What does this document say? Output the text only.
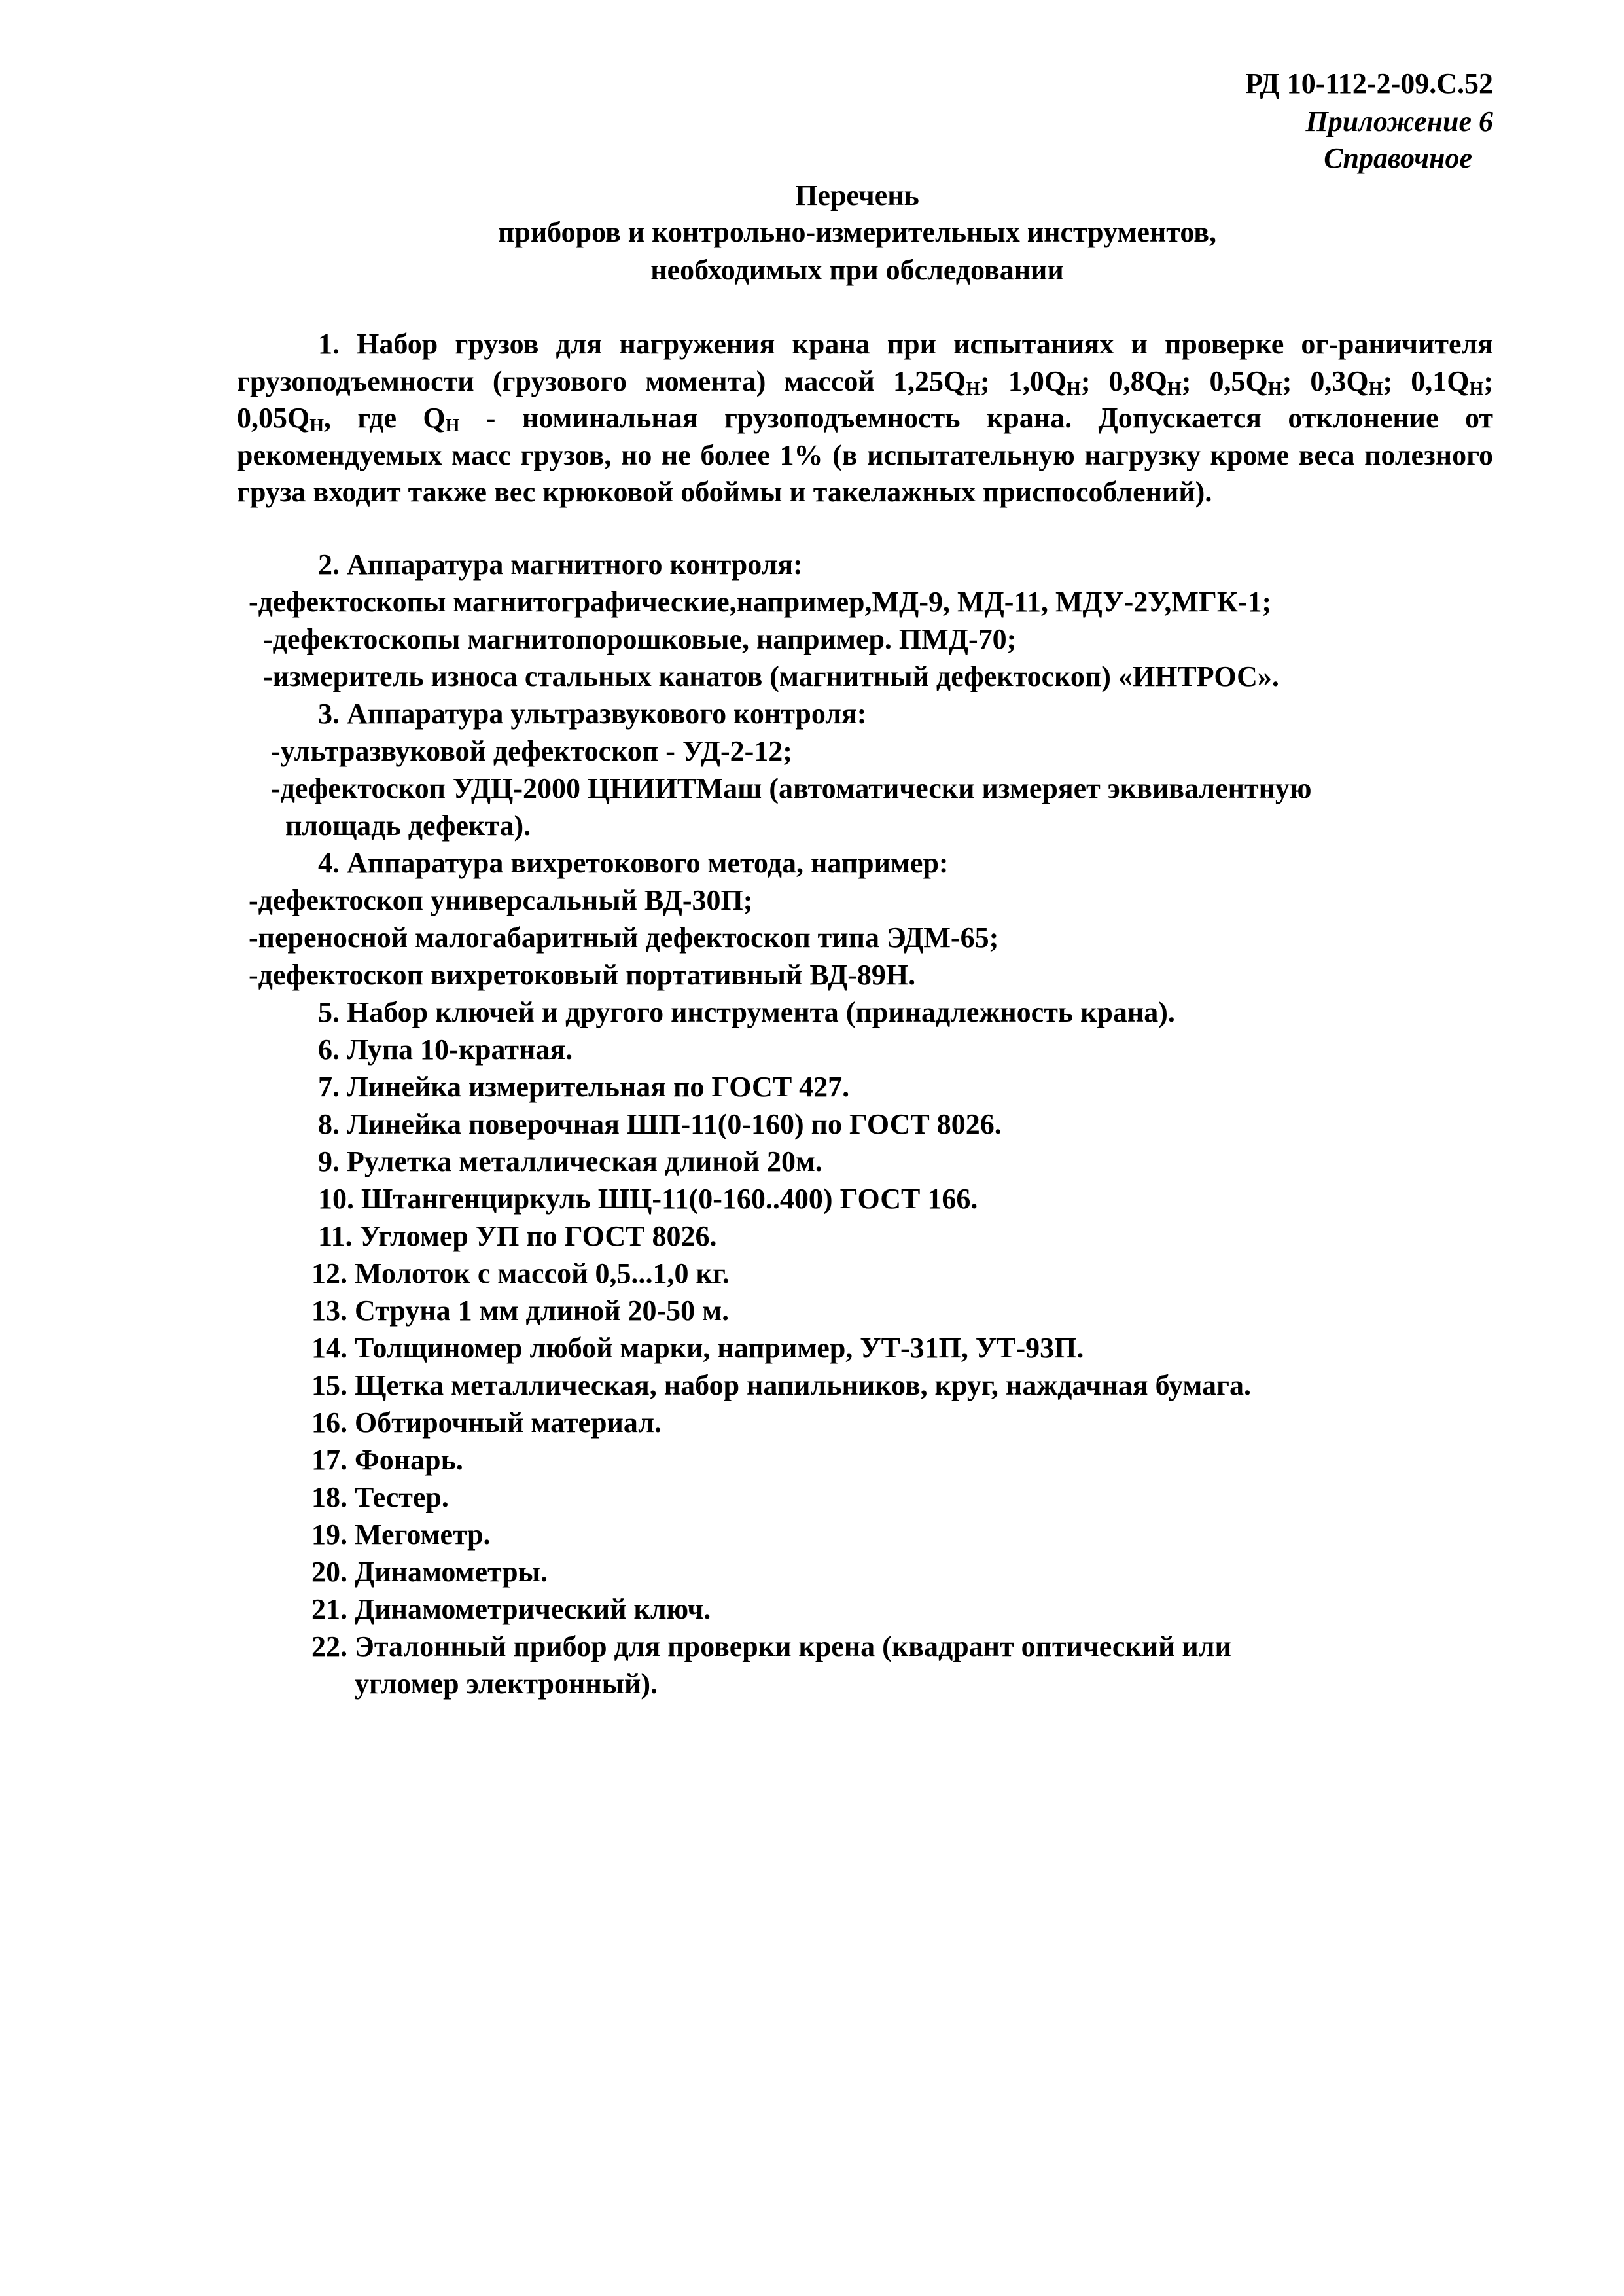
РД 10-112-2-09.С.52
Приложение 6
Справочное
Перечень
приборов и контрольно-измерительных инструментов,
необходимых при обследовании

1. Набор грузов для нагружения крана при испытаниях и проверке ог-раничителя грузоподъемности (грузового момента) массой $1,25Q_Н$; $1,0Q_Н$; $0,8Q_Н$; $0,5Q_Н$; $0,3Q_Н$; $0,1Q_Н$; $0,05Q_Н$, где $Q_Н$ - номинальная грузоподъемность крана. Допускается отклонение от рекомендуемых масс грузов, но не более 1% (в испытательную нагрузку кроме веса полезного груза входит также вес крюковой обоймы и такелажных приспособлений).

2. Аппаратура магнитного контроля:
-дефектоскопы магнитографические,например,МД-9, МД-11, МДУ-2У,МГК-1;
-дефектоскопы магнитопорошковые, например. ПМД-70;
-измеритель износа стальных канатов (магнитный дефектоскоп) «ИНТРОС».
3. Аппаратура ультразвукового контроля:
-ультразвуковой дефектоскоп - УД-2-12;
-дефектоскоп УДЦ-2000 ЦНИИТМаш (автоматически измеряет эквивалентную
площадь дефекта).
4. Аппаратура вихретокового метода, например:
-дефектоскоп универсальный ВД-30П;
-переносной малогабаритный дефектоскоп типа ЭДМ-65;
-дефектоскоп вихретоковый портативный ВД-89Н.
5. Набор ключей и другого инструмента (принадлежность крана).
6. Лупа 10-кратная.
7. Линейка измерительная по ГОСТ 427.
8. Линейка поверочная ШП-11(0-160) по ГОСТ 8026.
9. Рулетка металлическая длиной 20м.
10. Штангенциркуль ШЦ-11(0-160..400) ГОСТ 166.
11. Угломер УП по ГОСТ 8026.
12. Молоток с массой 0,5...1,0 кг.
13. Струна 1 мм длиной 20-50 м.
14. Толщиномер любой марки, например, УТ-31П, УТ-93П.
15. Щетка металлическая, набор напильников, круг, наждачная бумага.
16. Обтирочный материал.
17. Фонарь.
18. Тестер.
19. Мегометр.
20. Динамометры.
21. Динамометрический ключ.
22. Эталонный прибор для проверки крена (квадрант оптический или
угломер электронный).
